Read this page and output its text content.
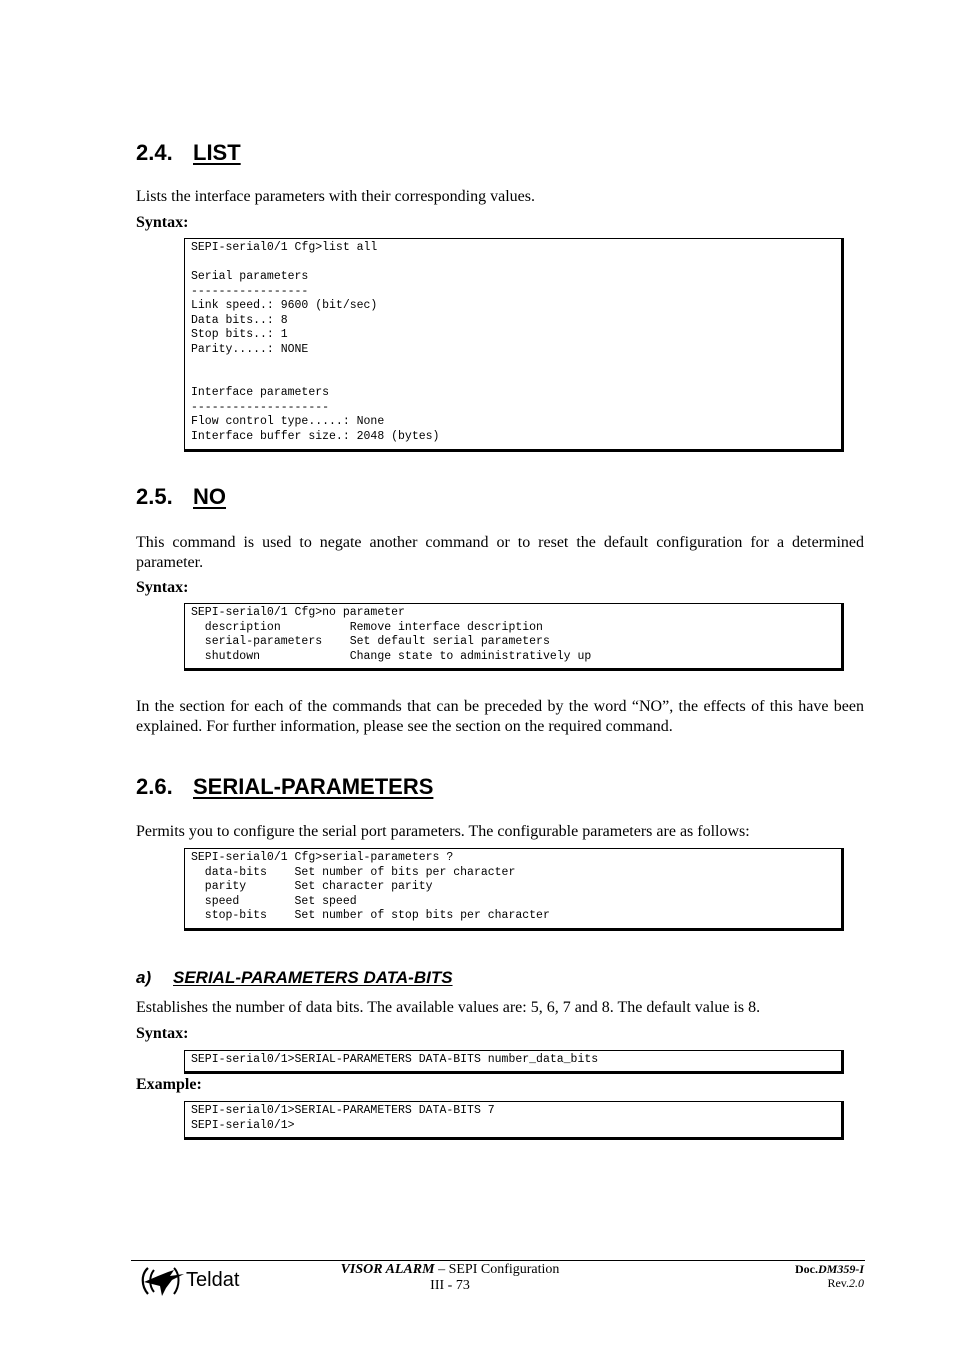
2.4. LIST
Lists the interface parameters with their corresponding values.
Syntax:
SEPI-serial0/1 Cfg>list all

Serial parameters
-----------------
Link speed.: 9600 (bit/sec)
Data bits..: 8
Stop bits..: 1
Parity.....: NONE

Interface parameters
--------------------
Flow control type.....: None
Interface buffer size.: 2048 (bytes)
2.5. NO
This command is used to negate another command or to reset the default configuration for a determined parameter.
Syntax:
SEPI-serial0/1 Cfg>no parameter
description          Remove interface description
serial-parameters    Set default serial parameters
shutdown             Change state to administratively up
In the section for each of the commands that can be preceded by the word “NO”, the effects of this have been explained. For further information, please see the section on the required command.
2.6. SERIAL-PARAMETERS
Permits you to configure the serial port parameters. The configurable parameters are as follows:
SEPI-serial0/1 Cfg>serial-parameters ?
data-bits    Set number of bits per character
parity       Set character parity
speed        Set speed
stop-bits    Set number of stop bits per character
a) SERIAL-PARAMETERS DATA-BITS
Establishes the number of data bits. The available values are: 5, 6, 7 and 8. The default value is 8.
Syntax:
SEPI-serial0/1>SERIAL-PARAMETERS DATA-BITS number_data_bits
Example:
SEPI-serial0/1>SERIAL-PARAMETERS DATA-BITS 7
SEPI-serial0/1>
Teldat	VISOR ALARM – SEPI Configuration
III - 73
Doc.DM359-I
Rev.2.0
